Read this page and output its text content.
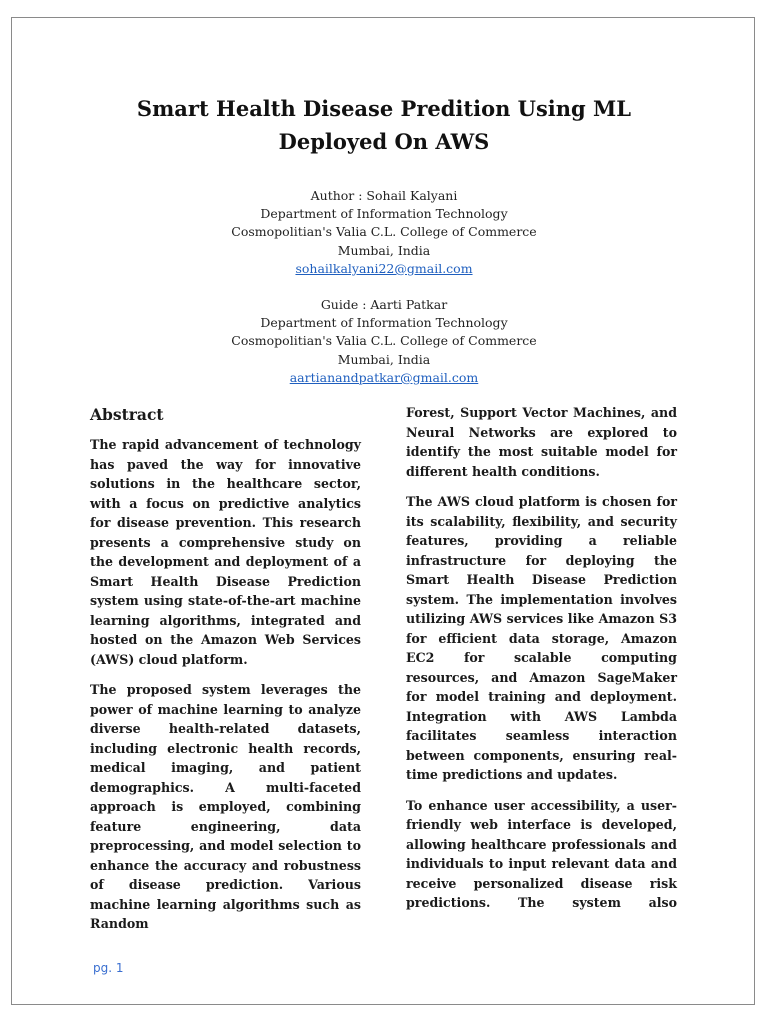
Smart Health Disease Predition Using ML Deployed On AWS
Author : Sohail Kalyani
Department of Information Technology
Cosmopolitian's Valia C.L. College of Commerce
Mumbai, India
sohailkalyani22@gmail.com
Guide : Aarti Patkar
Department of Information Technology
Cosmopolitian's Valia C.L. College of Commerce
Mumbai, India
aartianandpatkar@gmail.com
Abstract

The rapid advancement of technology has paved the way for innovative solutions in the healthcare sector, with a focus on predictive analytics for disease prevention. This research presents a comprehensive study on the development and deployment of a Smart Health Disease Prediction system using state-of-the-art machine learning algorithms, integrated and hosted on the Amazon Web Services (AWS) cloud platform.

The proposed system leverages the power of machine learning to analyze diverse health-related datasets, including electronic health records, medical imaging, and patient demographics. A multi-faceted approach is employed, combining feature engineering, data preprocessing, and model selection to enhance the accuracy and robustness of disease prediction. Various machine learning algorithms such as Random

Forest, Support Vector Machines, and Neural Networks are explored to identify the most suitable model for different health conditions.

The AWS cloud platform is chosen for its scalability, flexibility, and security features, providing a reliable infrastructure for deploying the Smart Health Disease Prediction system. The implementation involves utilizing AWS services like Amazon S3 for efficient data storage, Amazon EC2 for scalable computing resources, and Amazon SageMaker for model training and deployment. Integration with AWS Lambda facilitates seamless interaction between components, ensuring real-time predictions and updates.

To enhance user accessibility, a user-friendly web interface is developed, allowing healthcare professionals and individuals to input relevant data and receive personalized disease risk predictions. The system also

pg. 1
